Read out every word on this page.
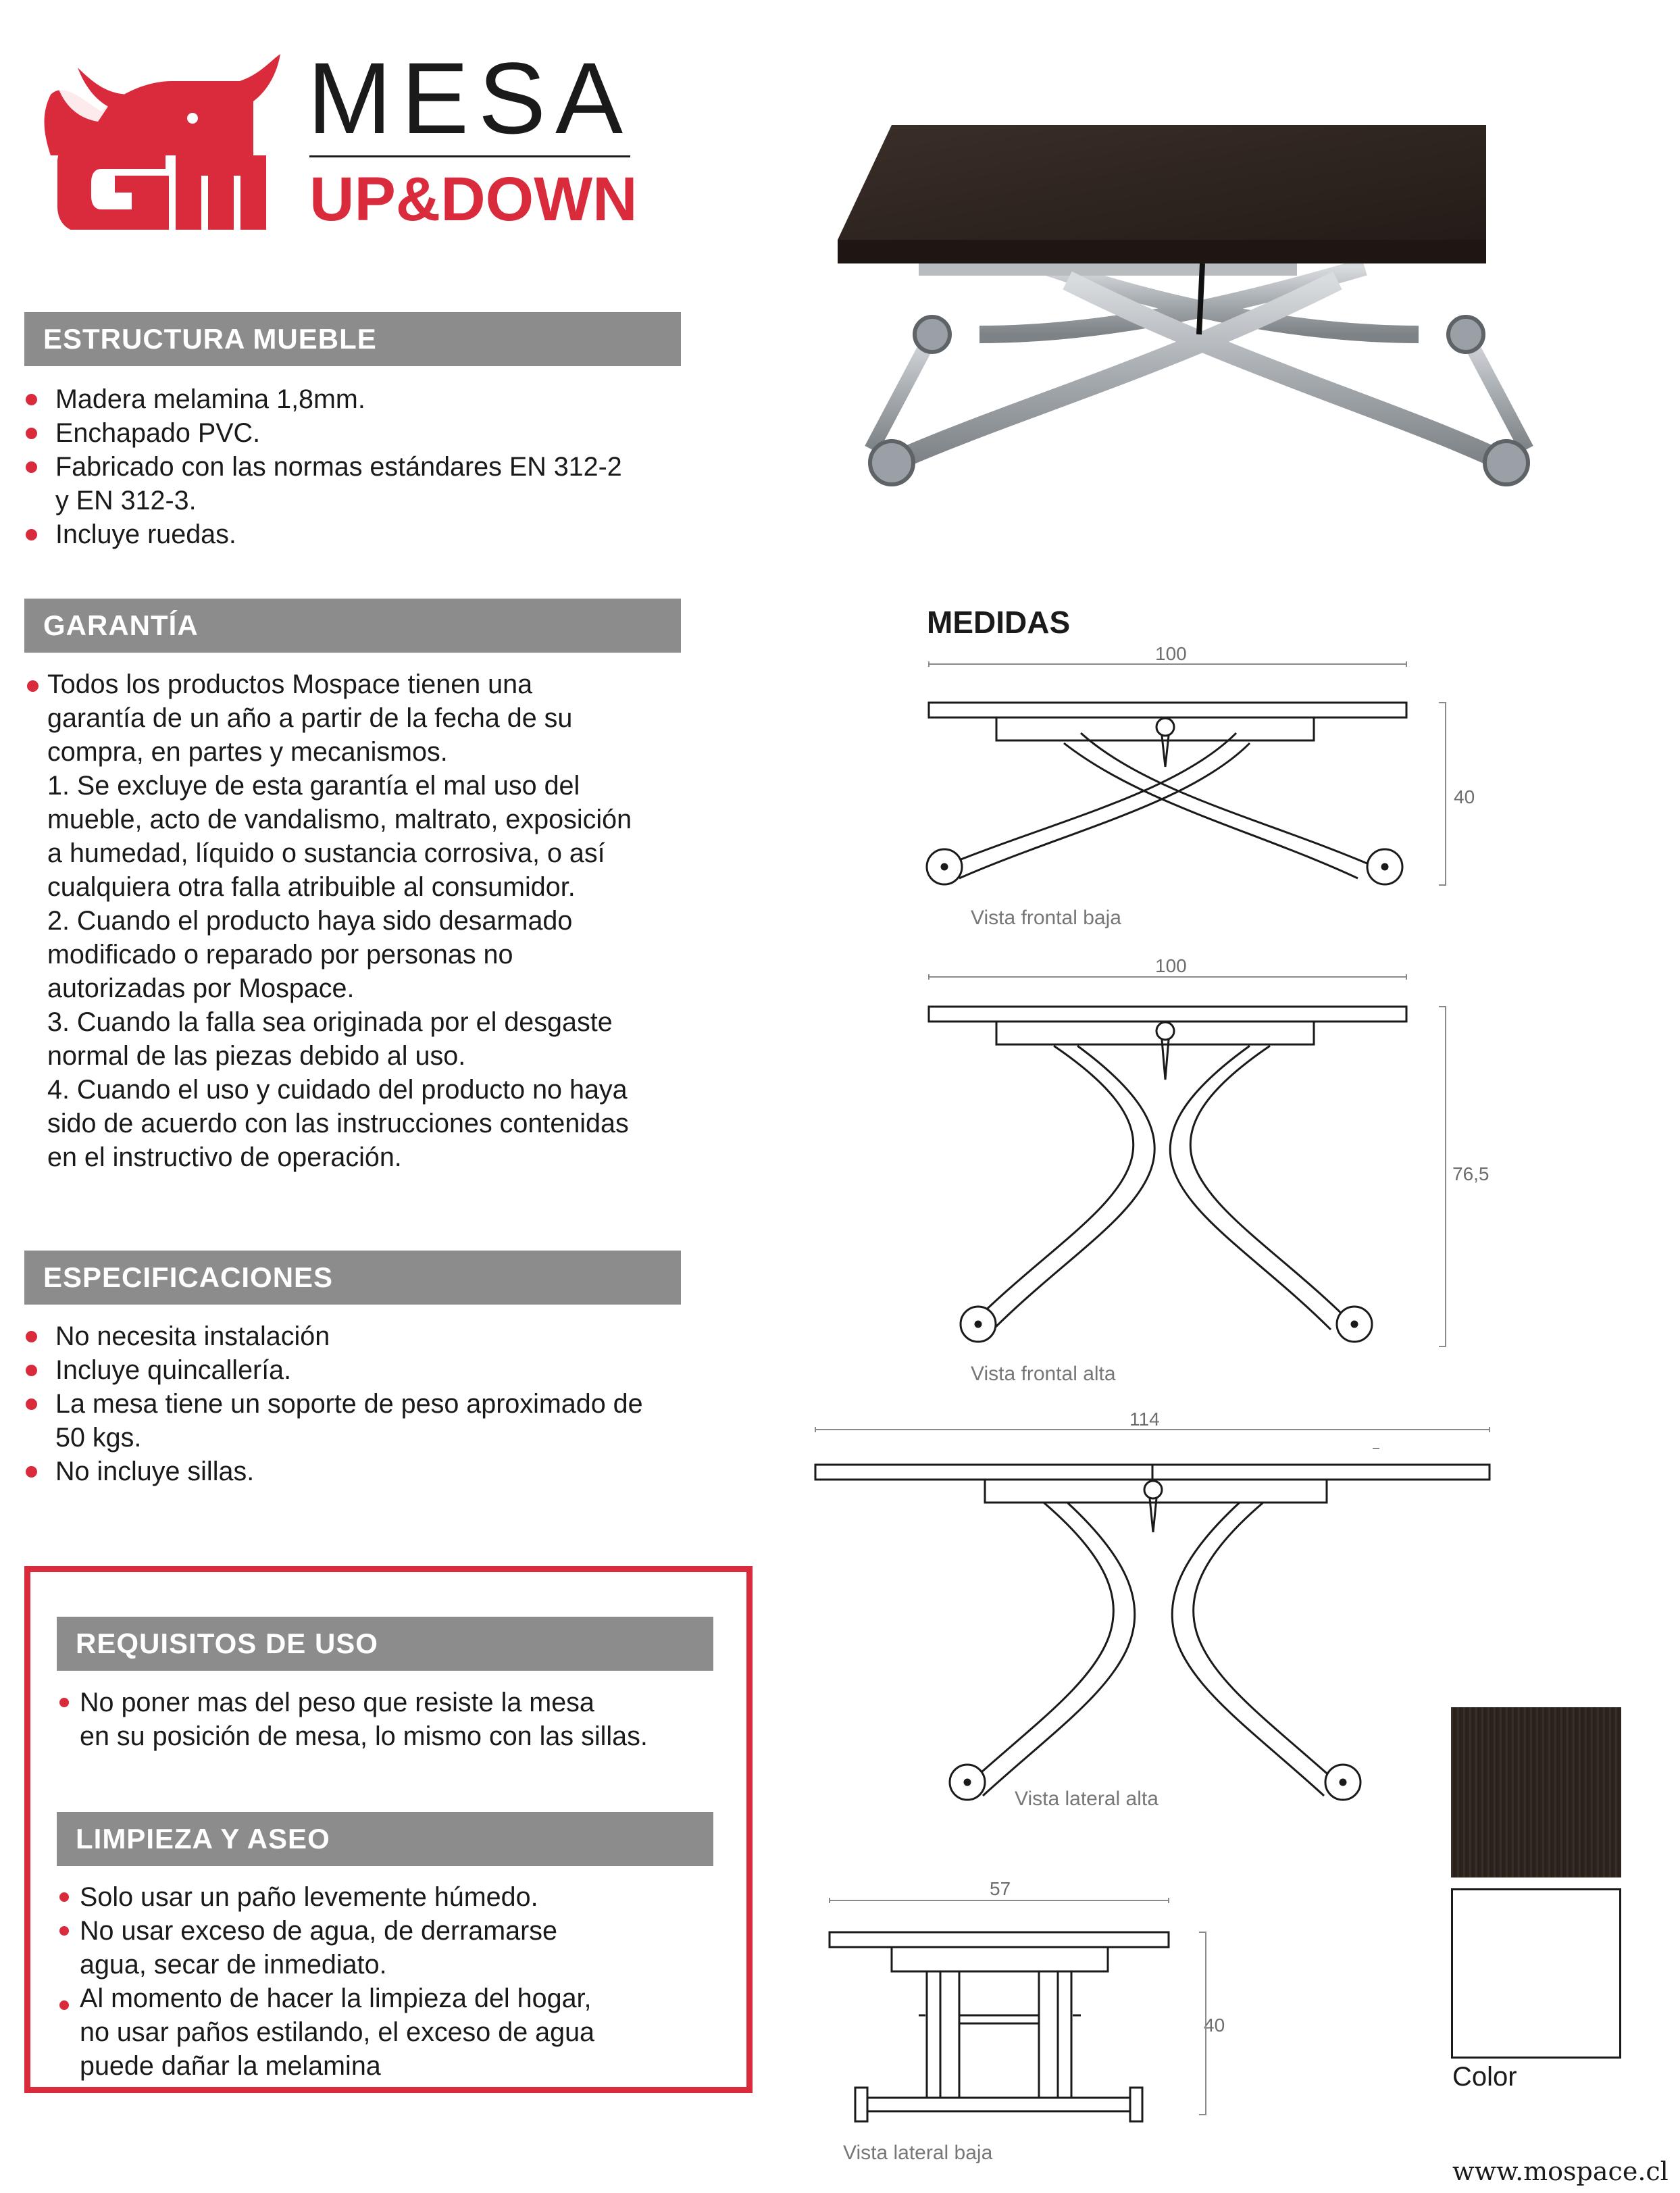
MESA
UP&DOWN
ESTRUCTURA MUEBLE
Madera melamina 1,8mm.
Enchapado PVC.
Fabricado con las normas estándares EN 312-2
y EN 312-3.
Incluye ruedas.
GARANTÍA
Todos los productos Mospace tienen una
garantía de un año a partir de la fecha de su
compra, en partes y mecanismos.
1. Se excluye de esta garantía el mal uso del
mueble, acto de vandalismo, maltrato, exposición
a humedad, líquido o sustancia corrosiva, o así
cualquiera otra falla atribuible al consumidor.
2. Cuando el producto haya sido desarmado
modificado o reparado por personas no
autorizadas por Mospace.
3. Cuando la falla sea originada por el desgaste
normal de las piezas debido al uso.
4. Cuando el uso y cuidado del producto no haya
sido de acuerdo con las instrucciones contenidas
en el instructivo de operación.
ESPECIFICACIONES
No necesita instalación
Incluye quincallería.
La mesa tiene un soporte de peso aproximado de
50 kgs.
No incluye sillas.
REQUISITOS DE USO
No poner mas del peso que resiste la mesa
en su posición de mesa, lo mismo con las sillas.
LIMPIEZA Y ASEO
Solo usar un paño levemente húmedo.
No usar exceso de agua, de derramarse
agua, secar de inmediato.
Al momento de hacer la limpieza del hogar,
no usar paños estilando, el exceso de agua
puede dañar la melamina
MEDIDAS
100
40
Vista frontal baja
100
76,5
Vista frontal alta
114
Vista lateral alta
57
40
Vista lateral baja
Color
www.mospace.cl
